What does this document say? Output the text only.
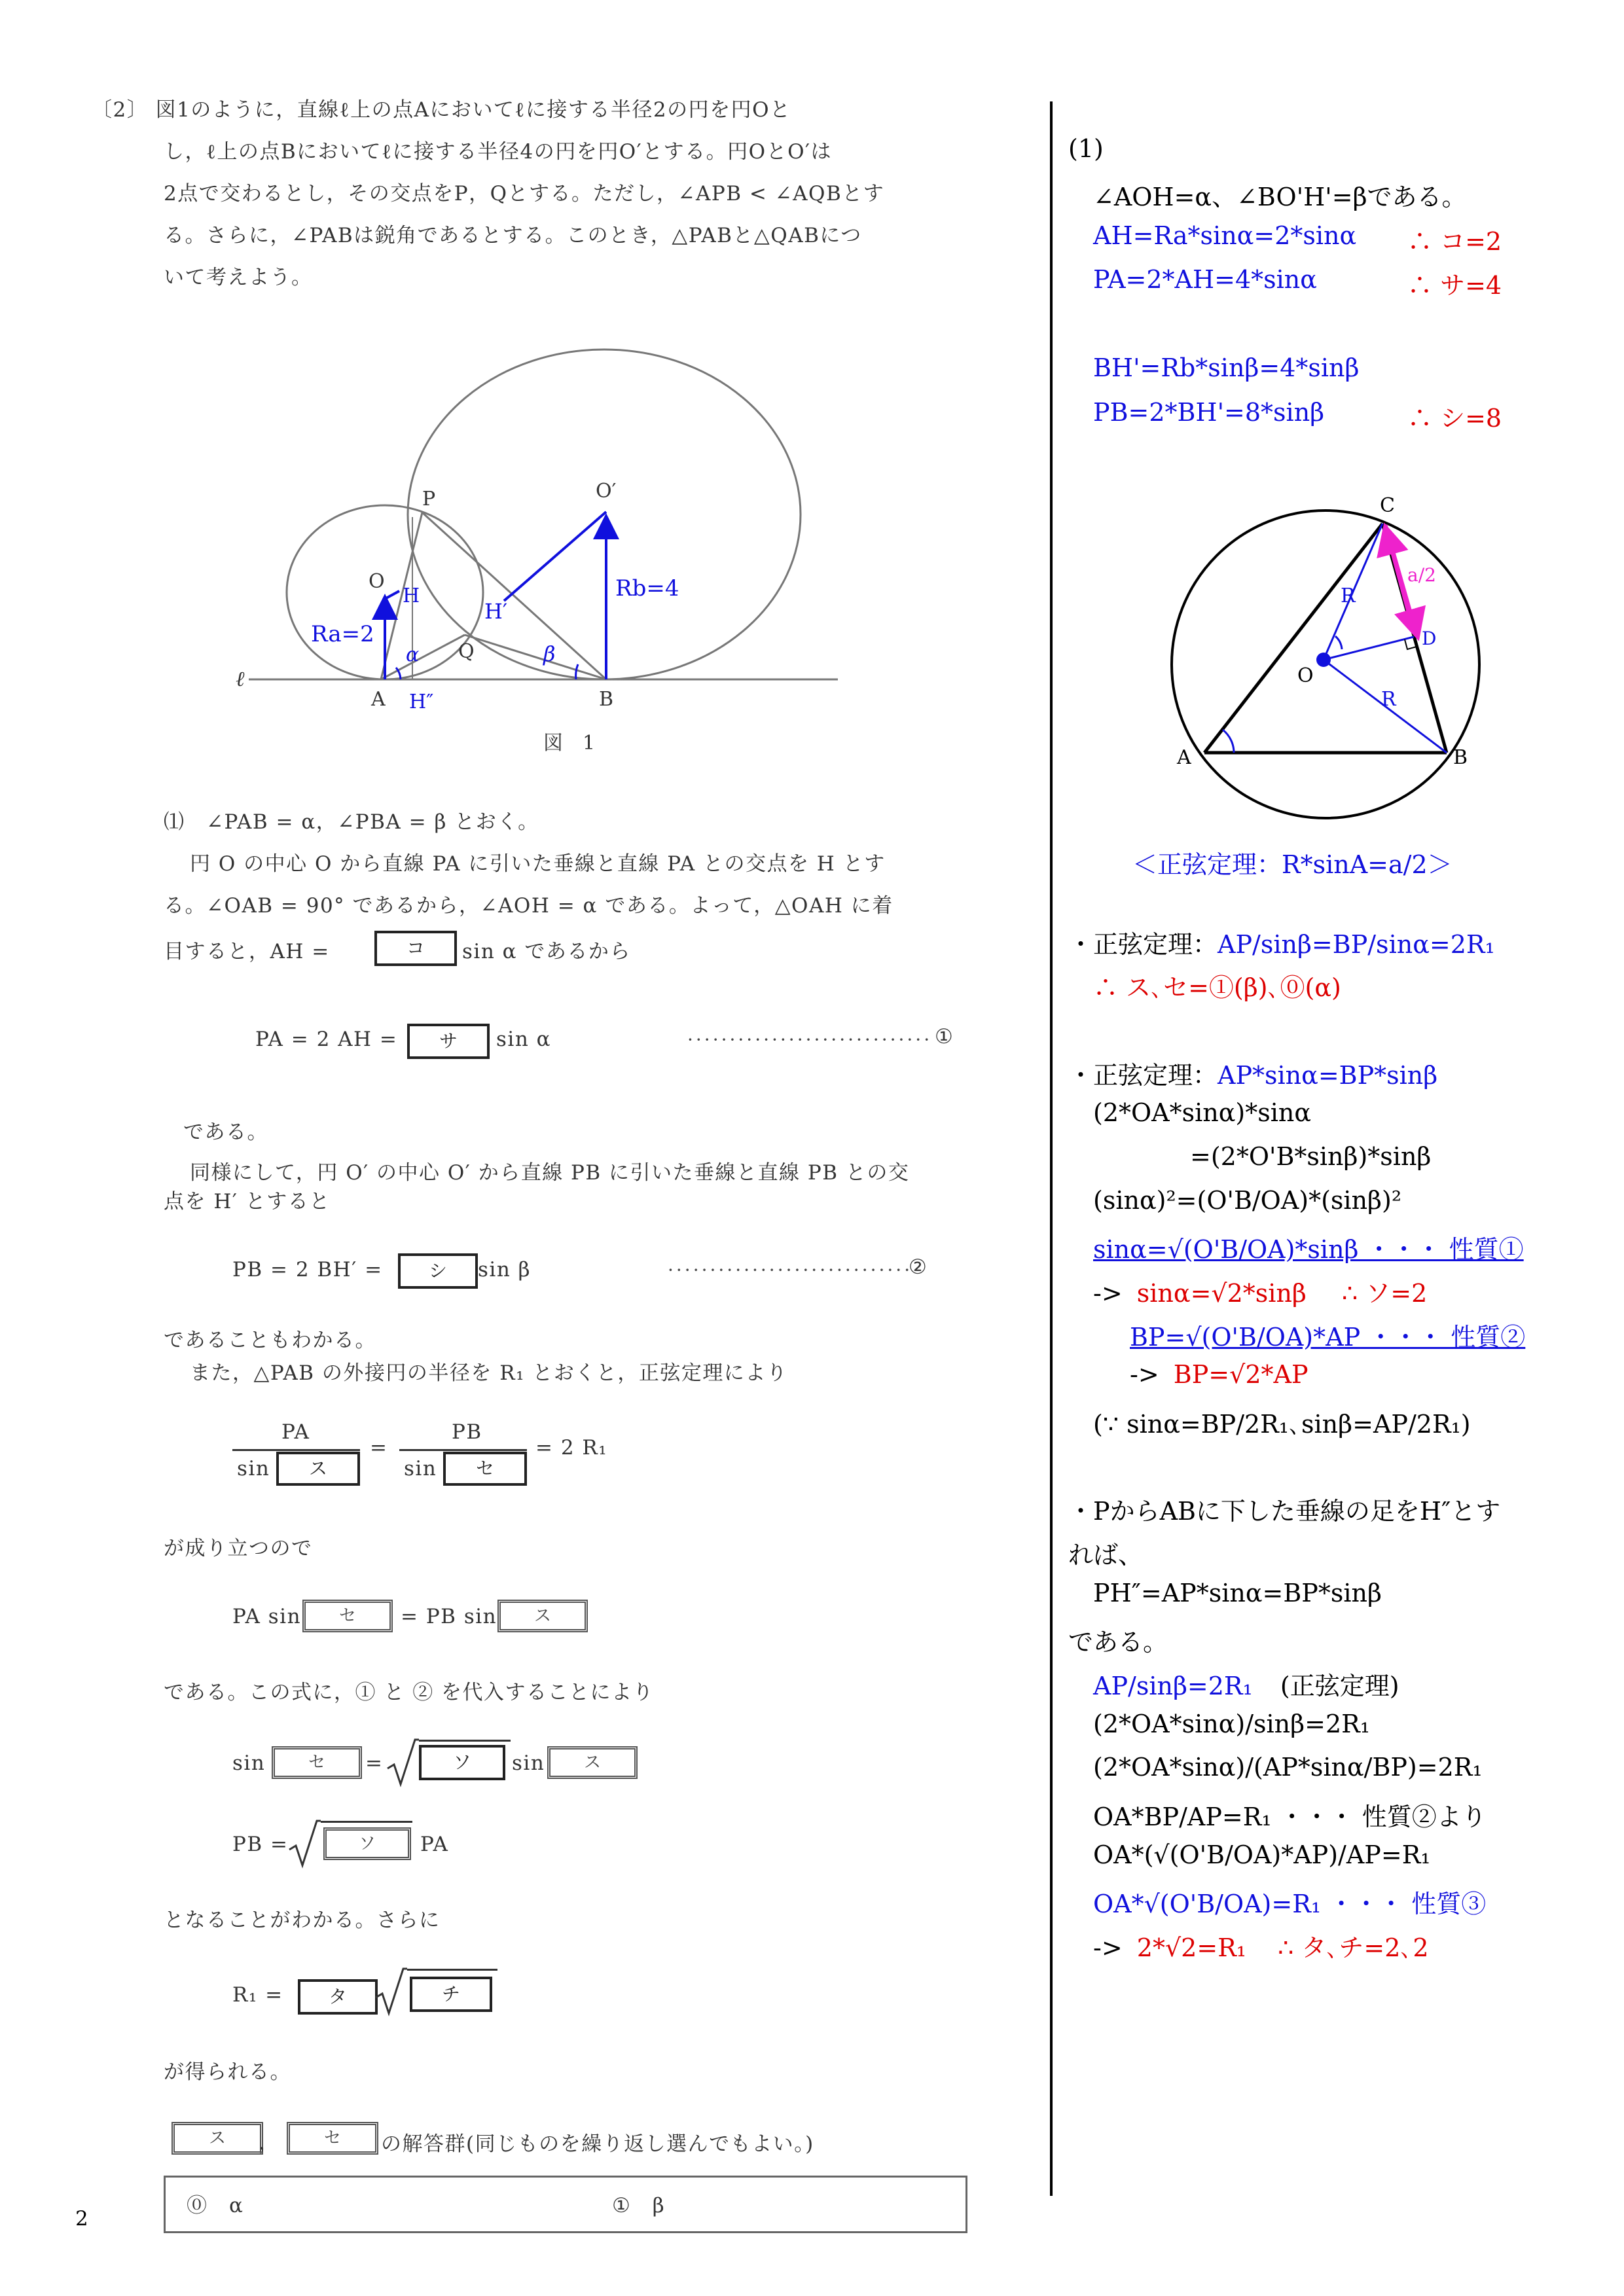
〔2〕 図1のように，直線ℓ上の点Aにおいてℓに接する半径2の円を円Oと
し，ℓ上の点Bにおいてℓに接する半径4の円を円O′とする。円OとO′は
2点で交わるとし，その交点をP，Qとする。ただし，∠APB < ∠AQBとす
る。さらに，∠PABは鋭角であるとする。このとき，△PABと△QABにつ
いて考えよう。
P
O
O′
H
H′
Q
A	B
H″
ℓ
α	β
Ra=2
Rb=4
図　1
⑴　∠PAB = α，∠PBA = β とおく。
円 O の中心 O から直線 PA に引いた垂線と直線 PA との交点を H とす
る。∠OAB = 90° であるから，∠AOH = α である。よって，△OAH に着
目すると，AH =	コ	sin α であるから
PA = 2 AH =	サ	sin α	····························· ①
である。
同様にして，円 O′ の中心 O′ から直線 PB に引いた垂線と直線 PB との交
点を H′ とすると
PB = 2 BH′ =	シ	sin β	·····························
②
であることもわかる。
また，△PAB の外接円の半径を R₁ とおくと，正弦定理により
PA
sin	ス
=
PB
sin	セ
= 2 R₁
が成り立つので
PA sin	セ	= PB sin	ス
である。この式に，① と ② を代入することにより
sin	セ	=	ソ	sin	ス
PB =	ソ	PA
となることがわかる。さらに
R₁ =	タ	チ
が得られる。
ス	，	セ	の解答群(同じものを繰り返し選んでもよい。)
⓪　α	①　β
2
(1)
∠AOH=α、∠BO'H'=βである。
AH=Ra*sinα=2*sinα ∴ コ=2
PA=2*AH=4*sinα	∴ サ=4
BH'=Rb*sinβ=4*sinβ
PB=2*BH'=8*sinβ	∴ シ=8
C
O
A	B
D
R
R
a/2
＜正弦定理：R*sinA=a/2＞
・正弦定理：AP/sinβ=BP/sinα=2R₁
∴ ス､セ=①(β)､⓪(α)
・正弦定理：AP*sinα=BP*sinβ
(2*OA*sinα)*sinα
=(2*O'B*sinβ)*sinβ
(sinα)²=(O'B/OA)*(sinβ)²
sinα=√(O'B/OA)*sinβ ・・・ 性質①
-> sinα=√2*sinβ ∴ ソ=2
BP=√(O'B/OA)*AP ・・・ 性質②
-> BP=√2*AP
(∵ sinα=BP/2R₁､sinβ=AP/2R₁)
・PからABに下した垂線の足をH″とす
れば、
PH″=AP*sinα=BP*sinβ
である。
AP/sinβ=2R₁ (正弦定理)
(2*OA*sinα)/sinβ=2R₁
(2*OA*sinα)/(AP*sinα/BP)=2R₁
OA*BP/AP=R₁ ・・・ 性質②より
OA*(√(O'B/OA)*AP)/AP=R₁
OA*√(O'B/OA)=R₁ ・・・ 性質③
-> 2*√2=R₁ ∴ タ､チ=2､2
